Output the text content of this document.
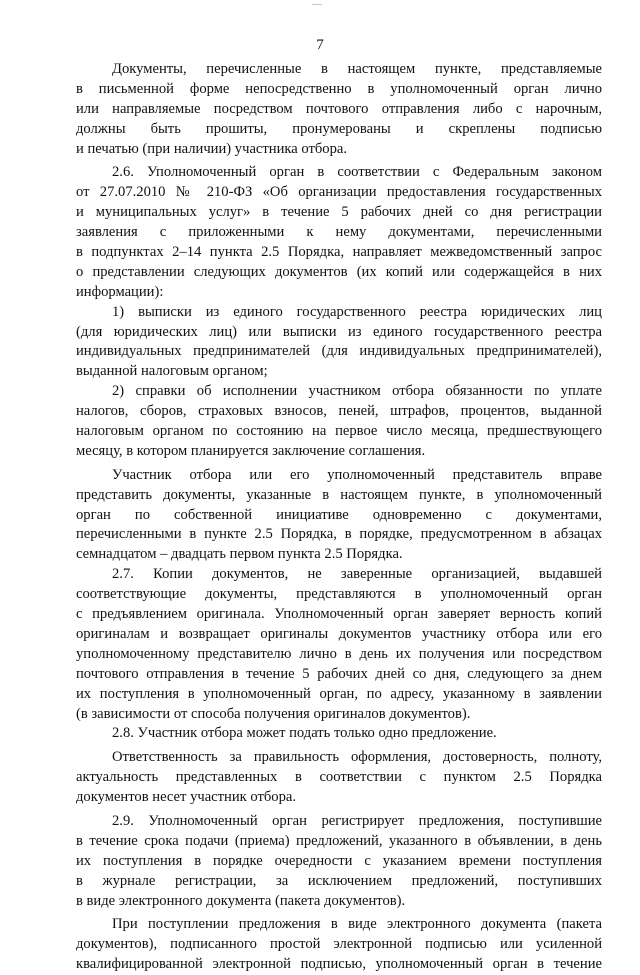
7
Документы, перечисленные в настоящем пункте, представляемые
в письменной форме непосредственно в уполномоченный орган лично
или направляемые посредством почтового отправления либо с нарочным,
должны быть прошиты, пронумерованы и скреплены подписью
и печатью (при наличии) участника отбора.
2.6. Уполномоченный орган в соответствии с Федеральным законом
от 27.07.2010 № 210-ФЗ «Об организации предоставления государственных
и муниципальных услуг» в течение 5 рабочих дней со дня регистрации
заявления с приложенными к нему документами, перечисленными
в подпунктах 2–14 пункта 2.5 Порядка, направляет межведомственный запрос
о представлении следующих документов (их копий или содержащейся в них
информации):
1) выписки из единого государственного реестра юридических лиц
(для юридических лиц) или выписки из единого государственного реестра
индивидуальных предпринимателей (для индивидуальных предпринимателей),
выданной налоговым органом;
2) справки об исполнении участником отбора обязанности по уплате
налогов, сборов, страховых взносов, пеней, штрафов, процентов, выданной
налоговым органом по состоянию на первое число месяца, предшествующего
месяцу, в котором планируется заключение соглашения.
Участник отбора или его уполномоченный представитель вправе
представить документы, указанные в настоящем пункте, в уполномоченный
орган по собственной инициативе одновременно с документами,
перечисленными в пункте 2.5 Порядка, в порядке, предусмотренном в абзацах
семнадцатом – двадцать первом пункта 2.5 Порядка.
2.7. Копии документов, не заверенные организацией, выдавшей
соответствующие документы, представляются в уполномоченный орган
с предъявлением оригинала. Уполномоченный орган заверяет верность копий
оригиналам и возвращает оригиналы документов участнику отбора или его
уполномоченному представителю лично в день их получения или посредством
почтового отправления в течение 5 рабочих дней со дня, следующего за днем
их поступления в уполномоченный орган, по адресу, указанному в заявлении
(в зависимости от способа получения оригиналов документов).
2.8. Участник отбора может подать только одно предложение.
Ответственность за правильность оформления, достоверность, полноту,
актуальность представленных в соответствии с пунктом 2.5 Порядка
документов несет участник отбора.
2.9. Уполномоченный орган регистрирует предложения, поступившие
в течение срока подачи (приема) предложений, указанного в объявлении, в день
их поступления в порядке очередности с указанием времени поступления
в журнале регистрации, за исключением предложений, поступивших
в виде электронного документа (пакета документов).
При поступлении предложения в виде электронного документа (пакета
документов), подписанного простой электронной подписью или усиленной
квалифицированной электронной подписью, уполномоченный орган в течение
